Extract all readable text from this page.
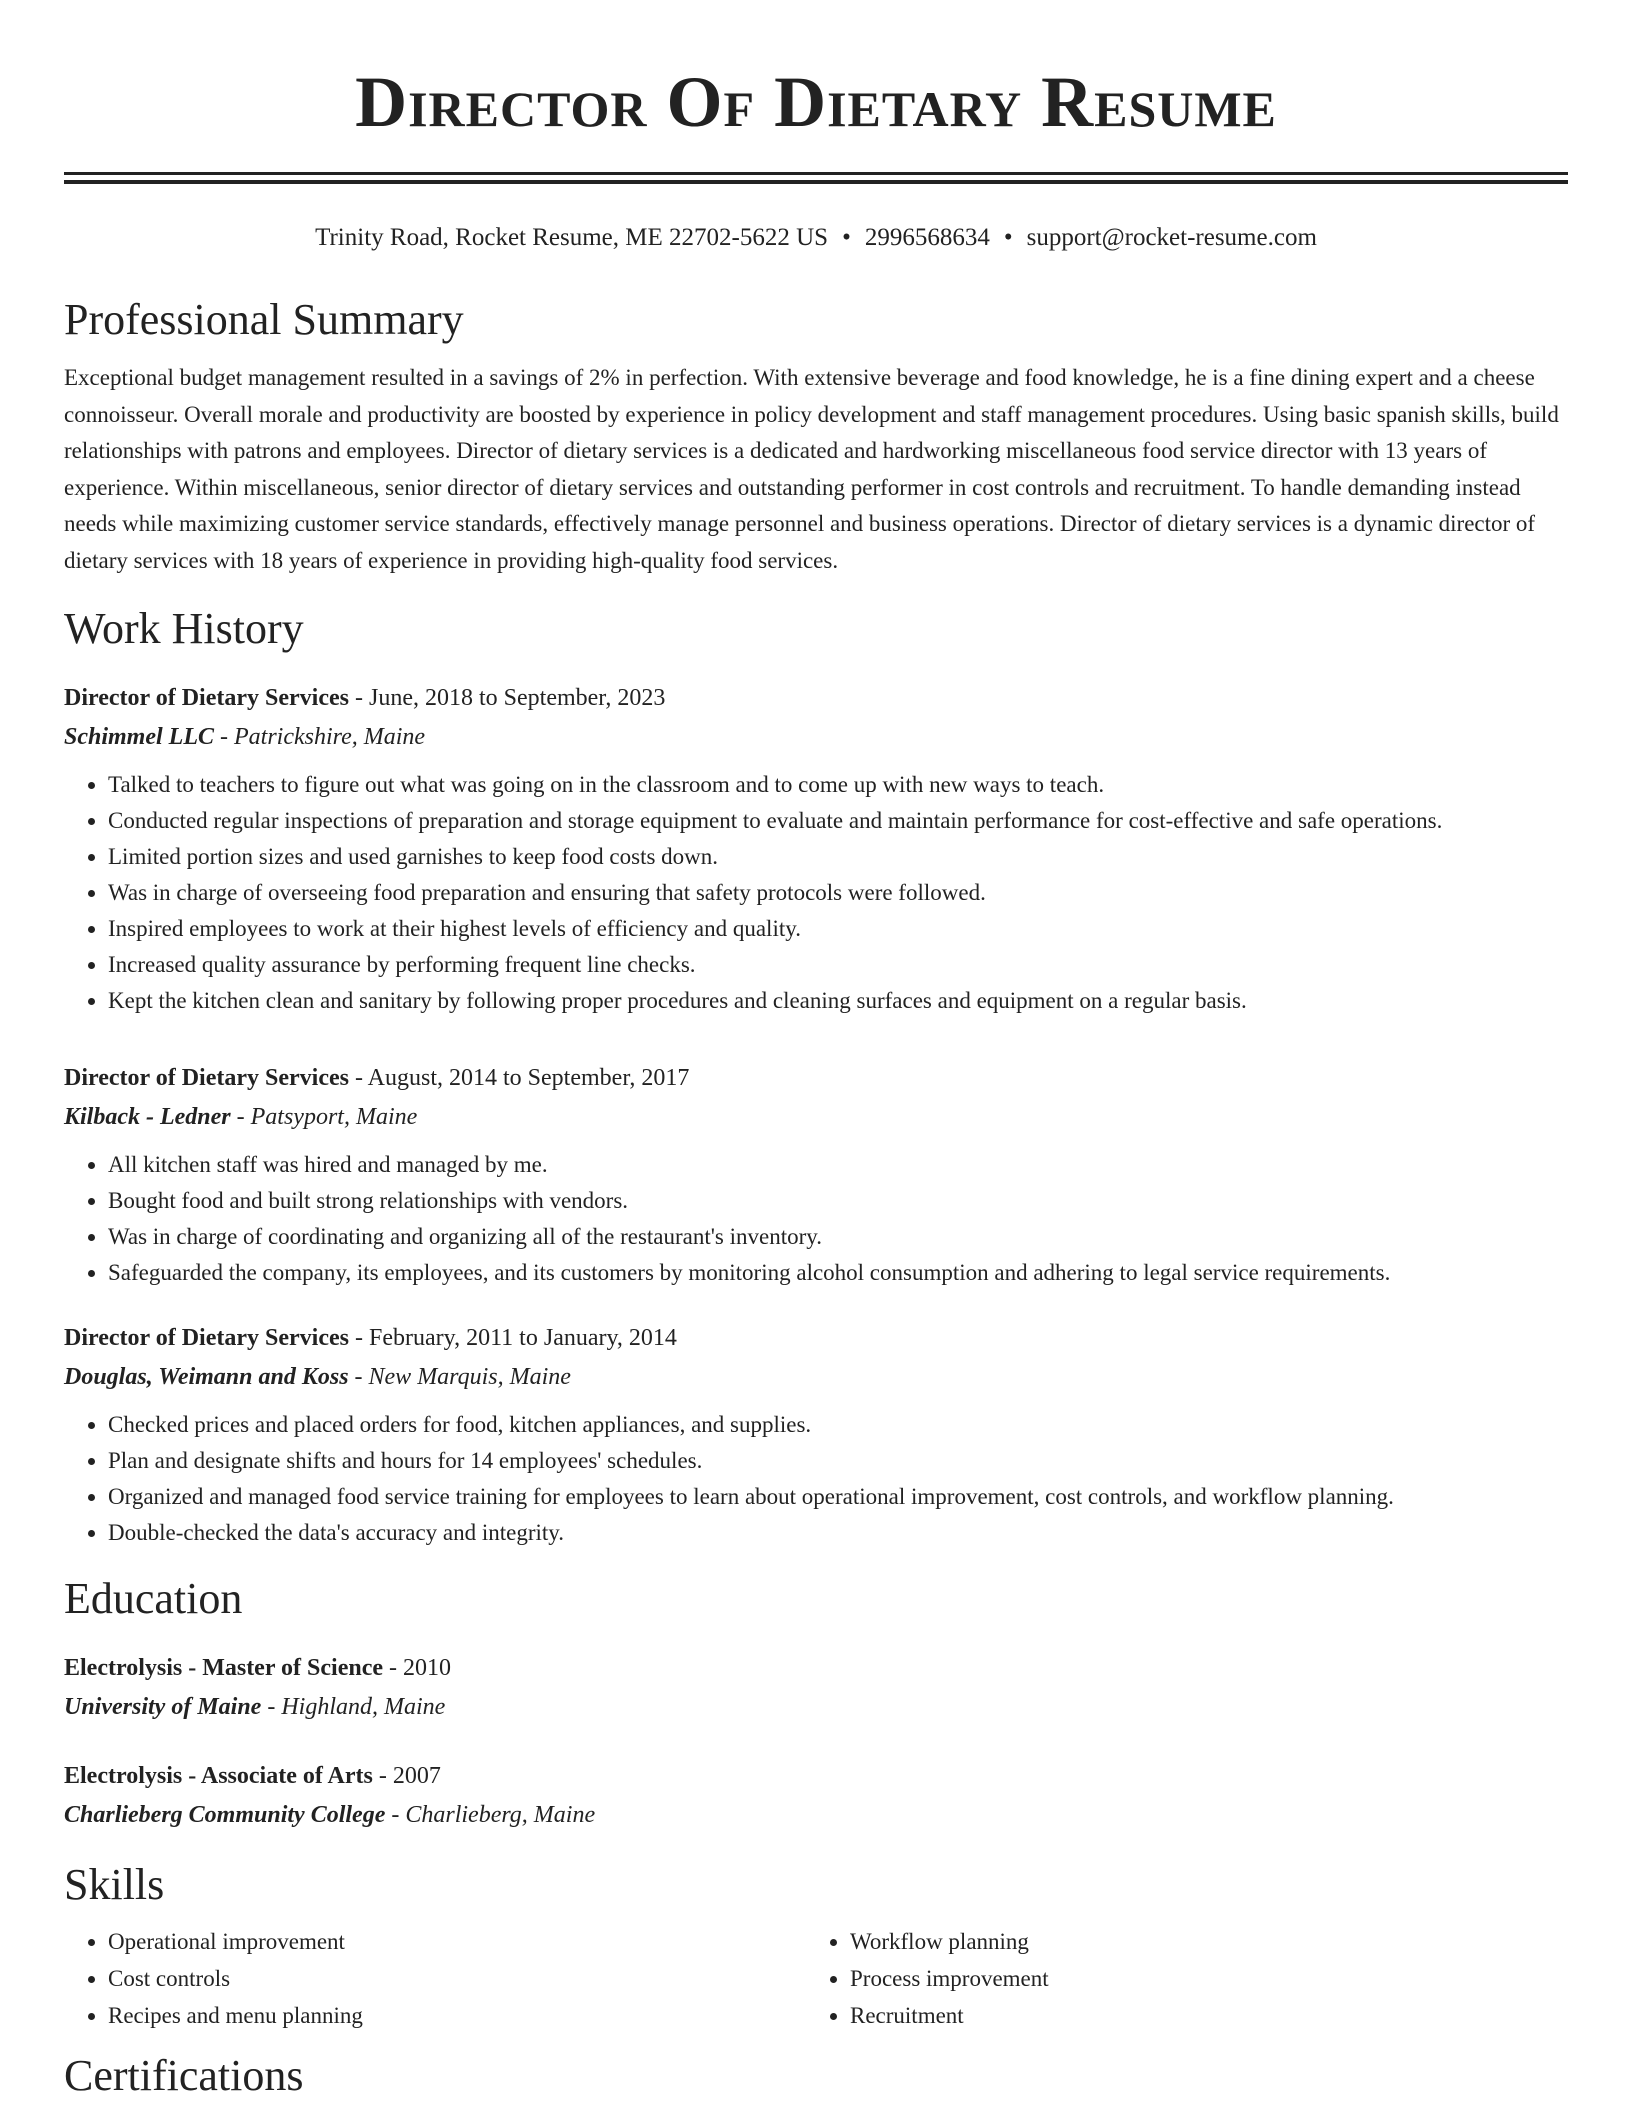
Director Of Dietary Resume
Trinity Road, Rocket Resume, ME 22702-5622 US • 2996568634 • support@rocket-resume.com
Professional Summary

Exceptional budget management resulted in a savings of 2% in perfection. With extensive beverage and food knowledge, he is a fine dining expert and a cheese connoisseur. Overall morale and productivity are boosted by experience in policy development and staff management procedures. Using basic spanish skills, build relationships with patrons and employees. Director of dietary services is a dedicated and hardworking miscellaneous food service director with 13 years of experience. Within miscellaneous, senior director of dietary services and outstanding performer in cost controls and recruitment. To handle demanding instead needs while maximizing customer service standards, effectively manage personnel and business operations. Director of dietary services is a dynamic director of dietary services with 18 years of experience in providing high-quality food services.

Work History
Director of Dietary Services - June, 2018 to September, 2023
Schimmel LLC - Patrickshire, Maine
• Talked to teachers to figure out what was going on in the classroom and to come up with new ways to teach.
• Conducted regular inspections of preparation and storage equipment to evaluate and maintain performance for cost-effective and safe operations.
• Limited portion sizes and used garnishes to keep food costs down.
• Was in charge of overseeing food preparation and ensuring that safety protocols were followed.
• Inspired employees to work at their highest levels of efficiency and quality.
• Increased quality assurance by performing frequent line checks.
• Kept the kitchen clean and sanitary by following proper procedures and cleaning surfaces and equipment on a regular basis.
Director of Dietary Services - August, 2014 to September, 2017
Kilback - Ledner - Patsyport, Maine
• All kitchen staff was hired and managed by me.
• Bought food and built strong relationships with vendors.
• Was in charge of coordinating and organizing all of the restaurant's inventory.
• Safeguarded the company, its employees, and its customers by monitoring alcohol consumption and adhering to legal service requirements.
Director of Dietary Services - February, 2011 to January, 2014
Douglas, Weimann and Koss - New Marquis, Maine
• Checked prices and placed orders for food, kitchen appliances, and supplies.
• Plan and designate shifts and hours for 14 employees' schedules.
• Organized and managed food service training for employees to learn about operational improvement, cost controls, and workflow planning.
• Double-checked the data's accuracy and integrity.
Education
Electrolysis - Master of Science - 2010
University of Maine - Highland, Maine
Electrolysis - Associate of Arts - 2007
Charlieberg Community College - Charlieberg, Maine
Skills
• Operational improvement
• Cost controls
• Recipes and menu planning
• Workflow planning
• Process improvement
• Recruitment
Certifications
